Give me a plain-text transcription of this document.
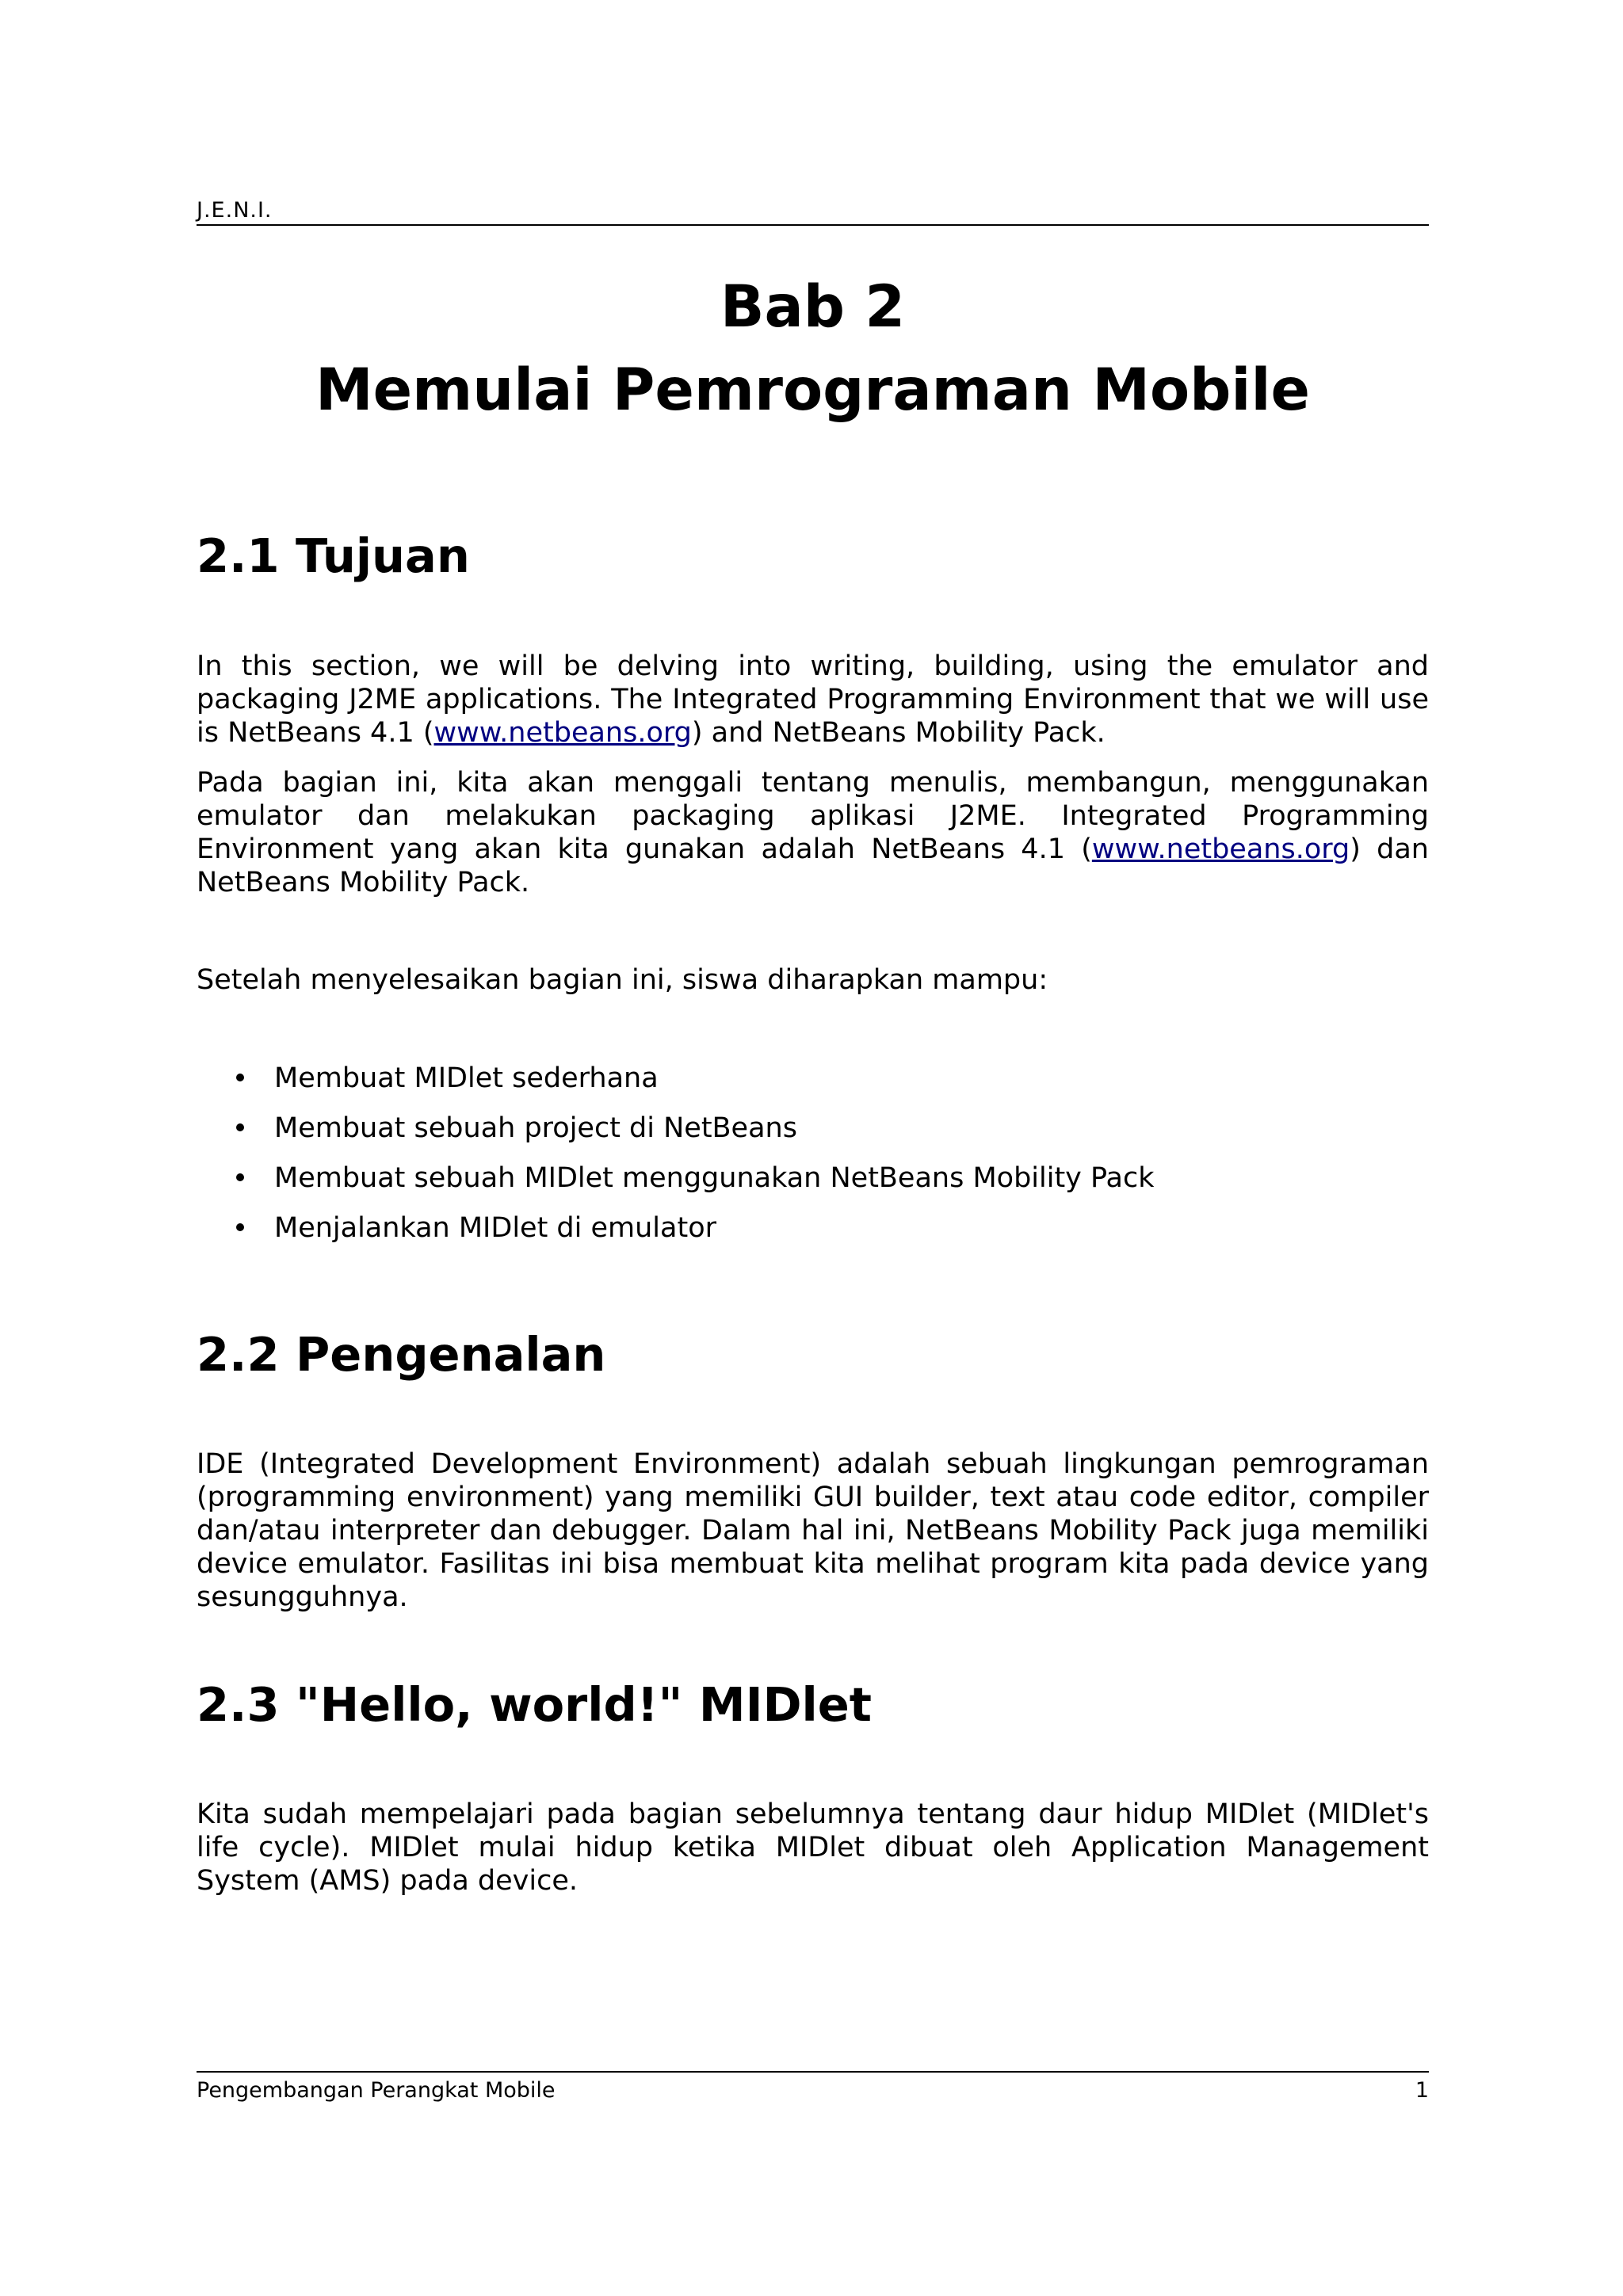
J.E.N.I.
Bab 2
Memulai Pemrograman Mobile
2.1 Tujuan

In this section, we will be delving into writing, building, using the emulator and packaging J2ME applications. The Integrated Programming Environment that we will use is NetBeans 4.1 (www.netbeans.org) and NetBeans Mobility Pack.

Pada bagian ini, kita akan menggali tentang menulis, membangun, menggunakan emulator dan melakukan packaging aplikasi J2ME. Integrated Programming Environment yang akan kita gunakan adalah NetBeans 4.1 (www.netbeans.org) dan NetBeans Mobility Pack.

Setelah menyelesaikan bagian ini, siswa diharapkan mampu:

Membuat MIDlet sederhana
Membuat sebuah project di NetBeans
Membuat sebuah MIDlet menggunakan NetBeans Mobility Pack
Menjalankan MIDlet di emulator
2.2 Pengenalan

IDE (Integrated Development Environment) adalah sebuah lingkungan pemrograman (programming environment) yang memiliki GUI builder, text atau code editor, compiler dan/atau interpreter dan debugger. Dalam hal ini, NetBeans Mobility Pack juga memiliki device emulator. Fasilitas ini bisa membuat kita melihat program kita pada device yang sesungguhnya.

2.3 "Hello, world!" MIDlet

Kita sudah mempelajari pada bagian sebelumnya tentang daur hidup MIDlet (MIDlet's life cycle). MIDlet mulai hidup ketika MIDlet dibuat oleh Application Management System (AMS) pada device.

Pengembangan Perangkat Mobile	1
